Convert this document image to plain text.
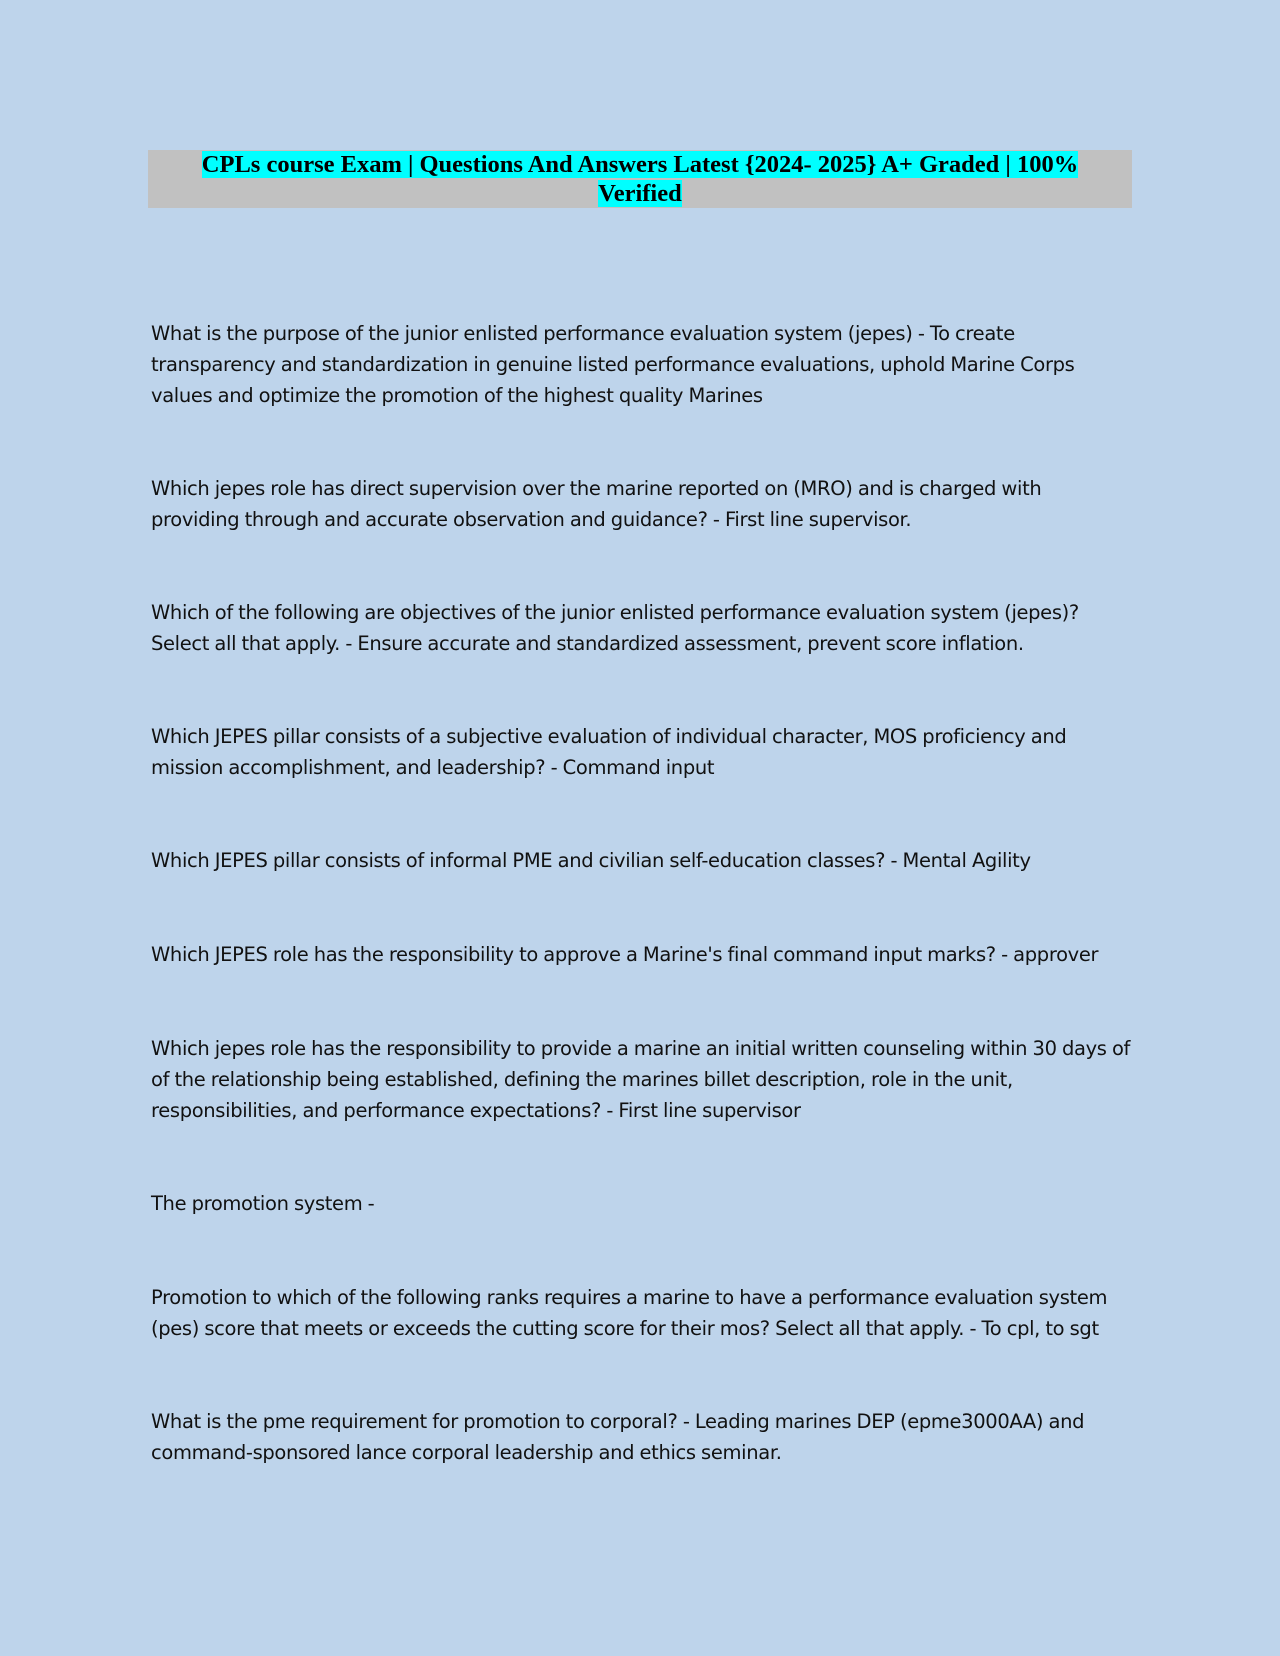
CPLs course Exam | Questions And Answers Latest {2024- 2025} A+ Graded | 100%
Verified

What is the purpose of the junior enlisted performance evaluation system (jepes) - To create transparency and standardization in genuine listed performance evaluations, uphold Marine Corps values and optimize the promotion of the highest quality Marines

Which jepes role has direct supervision over the marine reported on (MRO) and is charged with providing through and accurate observation and guidance? - First line supervisor.

Which of the following are objectives of the junior enlisted performance evaluation system (jepes)? Select all that apply. - Ensure accurate and standardized assessment, prevent score inflation.

Which JEPES pillar consists of a subjective evaluation of individual character, MOS proficiency and mission accomplishment, and leadership? - Command input

Which JEPES pillar consists of informal PME and civilian self-education classes? - Mental Agility

Which JEPES role has the responsibility to approve a Marine's final command input marks? - approver

Which jepes role has the responsibility to provide a marine an initial written counseling within 30 days of of the relationship being established, defining the marines billet description, role in the unit, responsibilities, and performance expectations? - First line supervisor

The promotion system -

Promotion to which of the following ranks requires a marine to have a performance evaluation system (pes) score that meets or exceeds the cutting score for their mos? Select all that apply. - To cpl, to sgt

What is the pme requirement for promotion to corporal? - Leading marines DEP (epme3000AA) and command-sponsored lance corporal leadership and ethics seminar.
